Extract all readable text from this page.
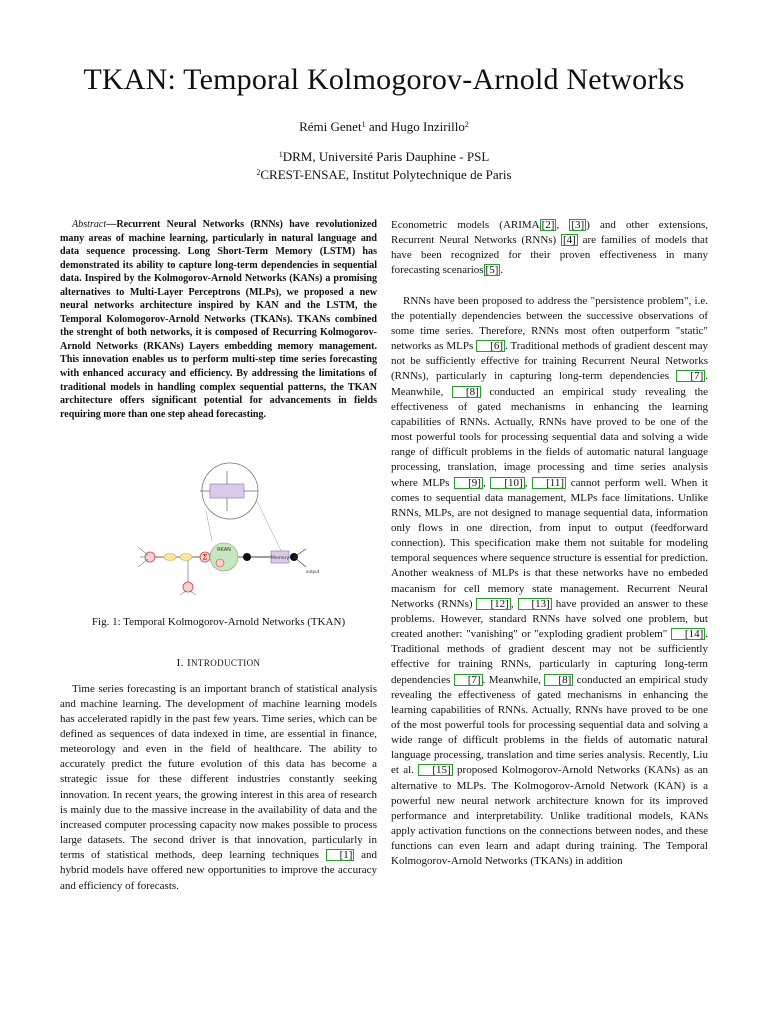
TKAN: Temporal Kolmogorov-Arnold Networks
Rémi Genet$^1$ and Hugo Inzirillo$^2$
$^1$DRM, Université Paris Dauphine - PSL
$^2$CREST-ENSAE, Institut Polytechnique de Paris

Abstract—Recurrent Neural Networks (RNNs) have revolutionized many areas of machine learning, particularly in natural language and data sequence processing. Long Short-Term Memory (LSTM) has demonstrated its ability to capture long-term dependencies in sequential data. Inspired by the Kolmogorov-Arnold Networks (KANs) a promising alternatives to Multi-Layer Perceptrons (MLPs), we proposed a new neural networks architecture inspired by KAN and the LSTM, the Temporal Kolomogorov-Arnold Networks (TKANs). TKANs combined the strenght of both networks, it is composed of Recurring Kolmogorov-Arnold Networks (RKANs) Layers embedding memory management. This innovation enables us to perform multi-step time series forecasting with enhanced accuracy and efficiency. By addressing the limitations of traditional models in handling complex sequential patterns, the TKAN architecture offers significant potential for advancements in fields requiring more than one step ahead forecasting.

Σ
RKAN
Memory
output
Fig. 1: Temporal Kolmogorov-Arnold Networks (TKAN)
I. INTRODUCTION

Time series forecasting is an important branch of statistical analysis and machine learning. The development of machine learning models has accelerated rapidly in the past few years. Time series, which can be defined as sequences of data indexed in time, are essential in finance, meteorology and even in the field of healthcare. The ability to accurately predict the future evolution of this data has become a strategic issue for these different industries constantly seeking innovation. In recent years, the growing interest in this area of research is mainly due to the massive increase in the availability of data and the increased computer processing capacity now makes possible to process large datasets. The second driver is that innovation, particularly in terms of statistical methods, deep learning techniques [1] and hybrid models have offered new opportunities to improve the accuracy and efficiency of forecasts.

Econometric models (ARIMA [2] , [3] ) and other extensions, Recurrent Neural Networks (RNNs) [4] are families of models that have been recognized for their proven effectiveness in many forecasting scenarios [5] .

RNNs have been proposed to address the "persistence problem", i.e. the potentially dependencies between the successive observations of some time series. Therefore, RNNs most often outperform "static" networks as MLPs [6] . Traditional methods of gradient descent may not be sufficiently effective for training Recurrent Neural Networks (RNNs), particularly in capturing long-term dependencies [7] . Meanwhile, [8] conducted an empirical study revealing the effectiveness of gated mechanisms in enhancing the learning capabilities of RNNs. Actually, RNNs have proved to be one of the most powerful tools for processing sequential data and solving a wide range of difficult problems in the fields of automatic natural language processing, translation, image processing and time series analysis where MLPs [9] , [10] , [11] cannot perform well. When it comes to sequential data management, MLPs face limitations. Unlike RNNs, MLPs, are not designed to manage sequential data, information only flows in one direction, from input to output (feedforward connection). This specification make them not suitable for modeling temporal sequences where sequence structure is essential for prediction. Another weakness of MLPs is that these networks have no embeded macanism for cell memory state management. Recurrent Neural Networks (RNNs) [12] , [13] have provided an answer to these problems. However, standard RNNs have solved one problem, but created another: "vanishing" or "exploding gradient problem" [14] . Traditional methods of gradient descent may not be sufficiently effective for training RNNs, particularly in capturing long-term dependencies [7] . Meanwhile, [8] conducted an empirical study revealing the effectiveness of gated mechanisms in enhancing the learning capabilities of RNNs. Actually, RNNs have proved to be one of the most powerful tools for processing sequential data and solving a wide range of difficult problems in the fields of automatic natural language processing, translation and time series analysis. Recently, Liu et al. [15] proposed Kolmogorov-Arnold Networks (KANs) as an alternative to MLPs. The Kolmogorov-Arnold Network (KAN) is a powerful new neural network architecture known for its improved performance and interpretability. Unlike traditional models, KANs apply activation functions on the connections between nodes, and these functions can even learn and adapt during training. The Temporal Kolmogorov-Arnold Networks (TKANs) in addition
